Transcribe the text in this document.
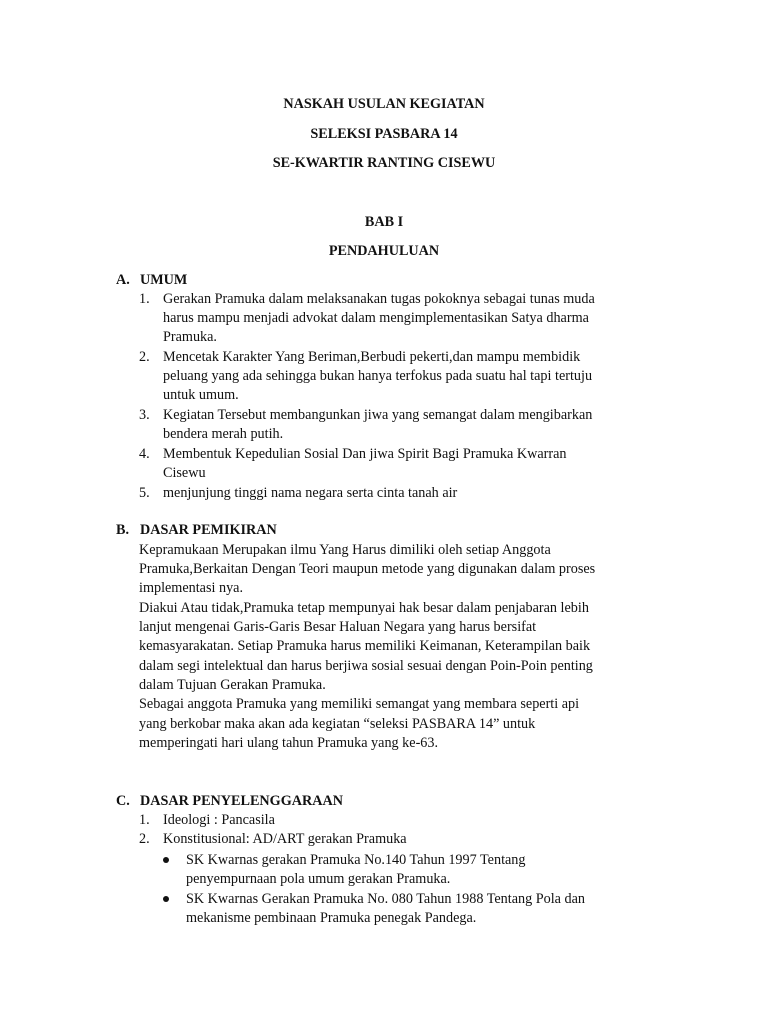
NASKAH USULAN KEGIATAN
SELEKSI PASBARA 14
SE-KWARTIR RANTING CISEWU
BAB I
PENDAHULUAN
A. UMUM
1. Gerakan Pramuka dalam melaksanakan tugas pokoknya sebagai tunas muda
harus mampu menjadi advokat dalam mengimplementasikan Satya dharma
Pramuka.
2. Mencetak Karakter Yang Beriman,Berbudi pekerti,dan mampu membidik
peluang yang ada sehingga bukan hanya terfokus pada suatu hal tapi tertuju
untuk umum.
3. Kegiatan Tersebut membangunkan jiwa yang semangat dalam mengibarkan
bendera merah putih.
4. Membentuk Kepedulian Sosial Dan jiwa Spirit Bagi Pramuka Kwarran
Cisewu
5. menjunjung tinggi nama negara serta cinta tanah air
B. DASAR PEMIKIRAN
Kepramukaan Merupakan ilmu Yang Harus dimiliki oleh setiap Anggota
Pramuka,Berkaitan Dengan Teori maupun metode yang digunakan dalam proses
implementasi nya.
Diakui Atau tidak,Pramuka tetap mempunyai hak besar dalam penjabaran lebih
lanjut mengenai Garis-Garis Besar Haluan Negara yang harus bersifat
kemasyarakatan. Setiap Pramuka harus memiliki Keimanan, Keterampilan baik
dalam segi intelektual dan harus berjiwa sosial sesuai dengan Poin-Poin penting
dalam Tujuan Gerakan Pramuka.
Sebagai anggota Pramuka yang memiliki semangat yang membara seperti api
yang berkobar maka akan ada kegiatan “seleksi PASBARA 14” untuk
memperingati hari ulang tahun Pramuka yang ke-63.
C. DASAR PENYELENGGARAAN
1. Ideologi : Pancasila
2. Konstitusional: AD/ART gerakan Pramuka
SK Kwarnas gerakan Pramuka No.140 Tahun 1997 Tentang
penyempurnaan pola umum gerakan Pramuka.
SK Kwarnas Gerakan Pramuka No. 080 Tahun 1988 Tentang Pola dan
mekanisme pembinaan Pramuka penegak Pandega.
